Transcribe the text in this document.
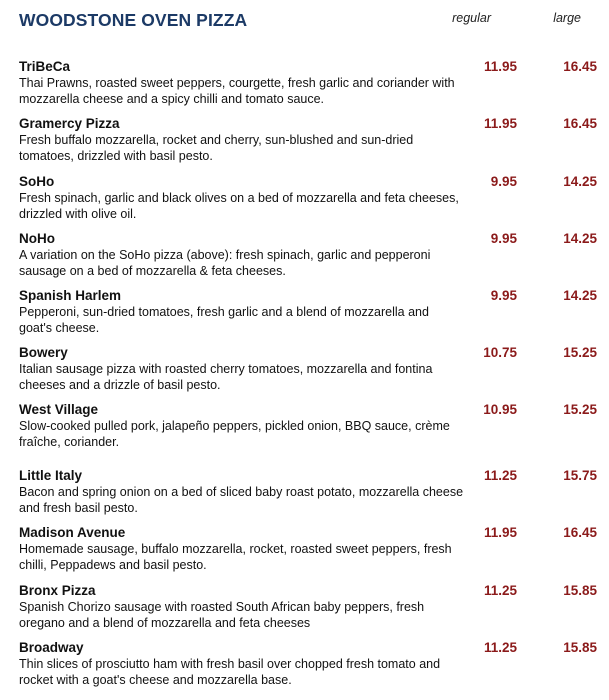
WOODSTONE OVEN PIZZA	regular	large
TriBeCa
Thai Prawns, roasted sweet peppers, courgette, fresh garlic and coriander with mozzarella cheese and a spicy chilli and tomato sauce.
11.95	16.45
Gramercy Pizza
Fresh buffalo mozzarella, rocket and cherry, sun-blushed and sun-dried tomatoes, drizzled with basil pesto.
11.95	16.45
SoHo
Fresh spinach, garlic and black olives on a bed of mozzarella and feta cheeses, drizzled with olive oil.
9.95	14.25
NoHo
A variation on the SoHo pizza (above): fresh spinach, garlic and pepperoni sausage on a bed of mozzarella & feta cheeses.
9.95	14.25
Spanish Harlem
Pepperoni, sun-dried tomatoes, fresh garlic and a blend of mozzarella and goat's cheese.
9.95	14.25
Bowery
Italian sausage pizza with roasted cherry tomatoes, mozzarella and fontina cheeses and a drizzle of basil pesto.
10.75	15.25
West Village
Slow-cooked pulled pork, jalapeño peppers, pickled onion, BBQ sauce, crème fraîche, coriander.
10.95	15.25
Little Italy
Bacon and spring onion on a bed of sliced baby roast potato, mozzarella cheese and fresh basil pesto.
11.25	15.75
Madison Avenue
Homemade sausage, buffalo mozzarella, rocket, roasted sweet peppers, fresh chilli, Peppadews and basil pesto.
11.95	16.45
Bronx Pizza
Spanish Chorizo sausage with roasted South African baby peppers, fresh oregano and a blend of mozzarella and feta cheeses
11.25	15.85
Broadway
Thin slices of prosciutto ham with fresh basil over chopped fresh tomato and rocket with a goat's cheese and mozzarella base.
11.25	15.85
